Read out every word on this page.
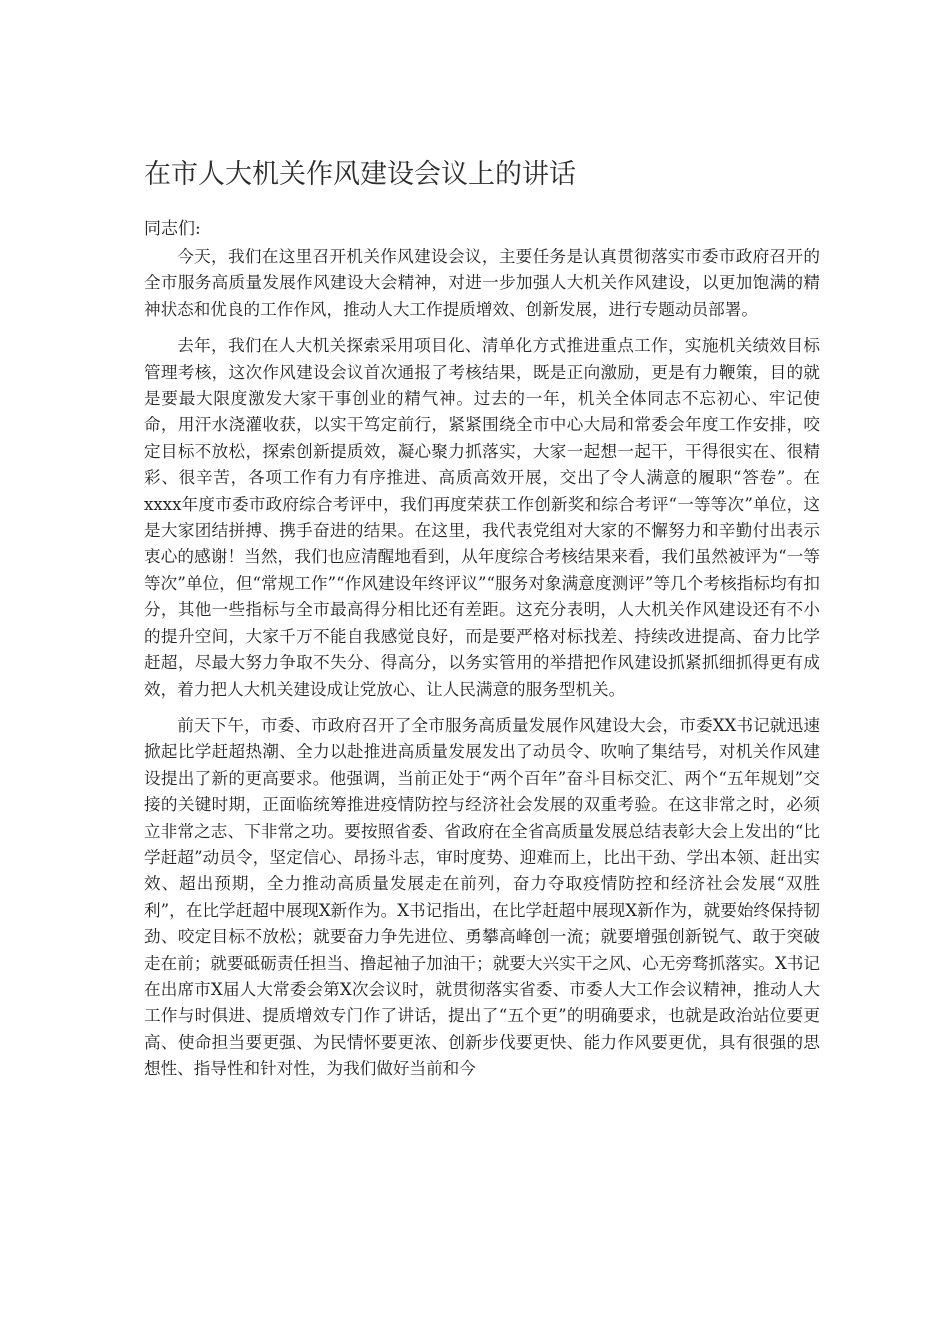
在市人大机关作风建设会议上的讲话
同志们:

今天，我们在这里召开机关作风建设会议，主要任务是认真贯彻落实市委市政府召开的全市服务高质量发展作风建设大会精神，对进一步加强人大机关作风建设，以更加饱满的精神状态和优良的工作作风，推动人大工作提质增效、创新发展，进行专题动员部署。

去年，我们在人大机关探索采用项目化、清单化方式推进重点工作，实施机关绩效目标管理考核，这次作风建设会议首次通报了考核结果，既是正向激励，更是有力鞭策，目的就是要最大限度激发大家干事创业的精气神。过去的一年，机关全体同志不忘初心、牢记使命，用汗水浇灌收获，以实干笃定前行，紧紧围绕全市中心大局和常委会年度工作安排，咬定目标不放松，探索创新提质效，凝心聚力抓落实，大家一起想一起干，干得很实在、很精彩、很辛苦，各项工作有力有序推进、高质高效开展，交出了令人满意的履职“答卷”。在xxxx年度市委市政府综合考评中，我们再度荣获工作创新奖和综合考评“一等等次”单位，这是大家团结拼搏、携手奋进的结果。在这里，我代表党组对大家的不懈努力和辛勤付出表示衷心的感谢！当然，我们也应清醒地看到，从年度综合考核结果来看，我们虽然被评为“一等等次”单位，但“常规工作”“作风建设年终评议”“服务对象满意度测评”等几个考核指标均有扣分，其他一些指标与全市最高得分相比还有差距。这充分表明，人大机关作风建设还有不小的提升空间，大家千万不能自我感觉良好，而是要严格对标找差、持续改进提高、奋力比学赶超，尽最大努力争取不失分、得高分，以务实管用的举措把作风建设抓紧抓细抓得更有成效，着力把人大机关建设成让党放心、让人民满意的服务型机关。

前天下午，市委、市政府召开了全市服务高质量发展作风建设大会，市委XX书记就迅速掀起比学赶超热潮、全力以赴推进高质量发展发出了动员令、吹响了集结号，对机关作风建设提出了新的更高要求。他强调，当前正处于“两个百年”奋斗目标交汇、两个“五年规划”交接的关键时期，正面临统筹推进疫情防控与经济社会发展的双重考验。在这非常之时，必须立非常之志、下非常之功。要按照省委、省政府在全省高质量发展总结表彰大会上发出的“比学赶超”动员令，坚定信心、昂扬斗志，审时度势、迎难而上，比出干劲、学出本领、赶出实效、超出预期，全力推动高质量发展走在前列，奋力夺取疫情防控和经济社会发展“双胜利”，在比学赶超中展现X新作为。X书记指出，在比学赶超中展现X新作为，就要始终保持韧劲、咬定目标不放松；就要奋力争先进位、勇攀高峰创一流；就要增强创新锐气、敢于突破走在前；就要砥砺责任担当、撸起袖子加油干；就要大兴实干之风、心无旁骛抓落实。X书记在出席市X届人大常委会第X次会议时，就贯彻落实省委、市委人大工作会议精神，推动人大工作与时俱进、提质增效专门作了讲话，提出了“五个更”的明确要求，也就是政治站位要更高、使命担当要更强、为民情怀要更浓、创新步伐要更快、能力作风要更优，具有很强的思想性、指导性和针对性，为我们做好当前和今
